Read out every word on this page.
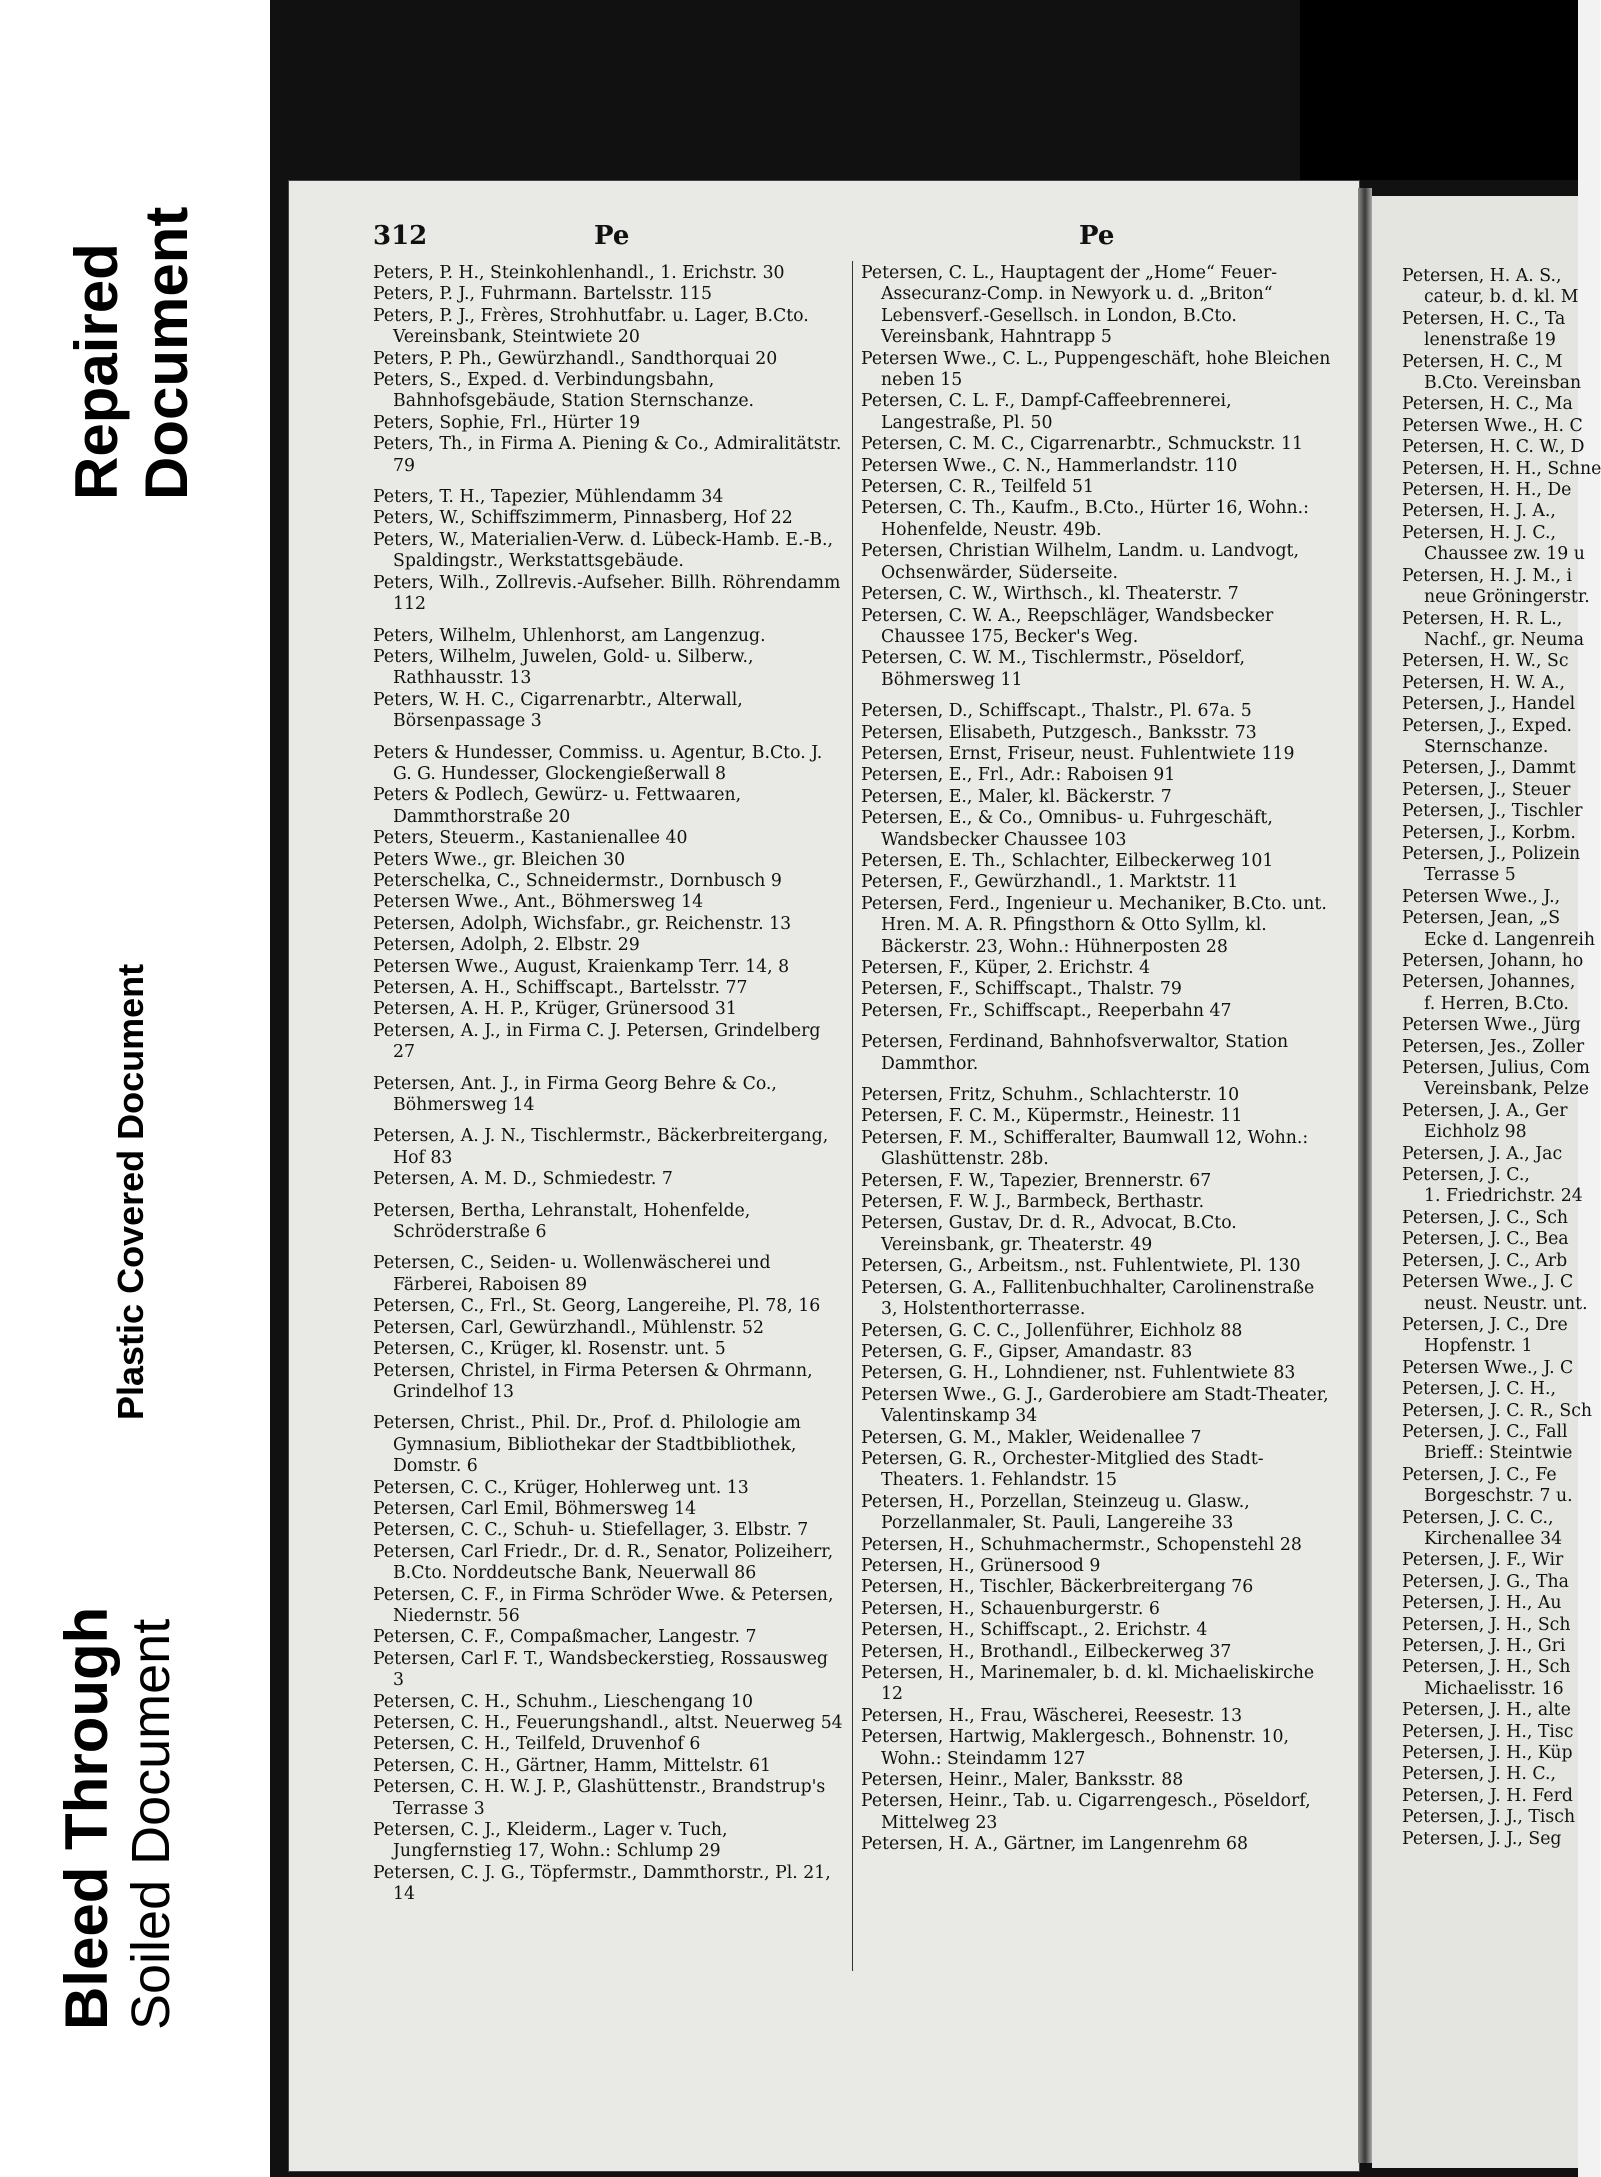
Repaired Document
Plastic Covered Document
Bleed Through Soiled Document
312	Pe	Pe
Peters, P. H., Steinkohlenhandl., 1. Erichstr. 30
Peters, P. J., Fuhrmann. Bartelsstr. 115
Peters, P. J., Frères, Strohhutfabr. u. Lager, B.Cto. Vereinsbank, Steintwiete 20
Peters, P. Ph., Gewürzhandl., Sandthorquai 20
Peters, S., Exped. d. Verbindungsbahn, Bahnhofsgebäude, Station Sternschanze.
Peters, Sophie, Frl., Hürter 19
Peters, Th., in Firma A. Piening & Co., Admiralitätstr. 79
Peters, T. H., Tapezier, Mühlendamm 34
Peters, W., Schiffszimmerm, Pinnasberg, Hof 22
Peters, W., Materialien-Verw. d. Lübeck-Hamb. E.-B., Spaldingstr., Werkstattsgebäude.
Peters, Wilh., Zollrevis.-Aufseher. Billh. Röhrendamm 112
Peters, Wilhelm, Uhlenhorst, am Langenzug.
Peters, Wilhelm, Juwelen, Gold- u. Silberw., Rathhausstr. 13
Peters, W. H. C., Cigarrenarbtr., Alterwall, Börsenpassage 3
Peters & Hundesser, Commiss. u. Agentur, B.Cto. J. G. G. Hundesser, Glockengießerwall 8
Peters & Podlech, Gewürz- u. Fettwaaren, Dammthorstraße 20
Peters, Steuerm., Kastanienallee 40
Peters Wwe., gr. Bleichen 30
Peterschelka, C., Schneidermstr., Dornbusch 9
Petersen Wwe., Ant., Böhmersweg 14
Petersen, Adolph, Wichsfabr., gr. Reichenstr. 13
Petersen, Adolph, 2. Elbstr. 29
Petersen Wwe., August, Kraienkamp Terr. 14, 8
Petersen, A. H., Schiffscapt., Bartelsstr. 77
Petersen, A. H. P., Krüger, Grünersood 31
Petersen, A. J., in Firma C. J. Petersen, Grindelberg 27
Petersen, Ant. J., in Firma Georg Behre & Co., Böhmersweg 14
Petersen, A. J. N., Tischlermstr., Bäckerbreitergang, Hof 83
Petersen, A. M. D., Schmiedestr. 7
Petersen, Bertha, Lehranstalt, Hohenfelde, Schröderstraße 6
Petersen, C., Seiden- u. Wollenwäscherei und Färberei, Raboisen 89
Petersen, C., Frl., St. Georg, Langereihe, Pl. 78, 16
Petersen, Carl, Gewürzhandl., Mühlenstr. 52
Petersen, C., Krüger, kl. Rosenstr. unt. 5
Petersen, Christel, in Firma Petersen & Ohrmann, Grindelhof 13
Petersen, Christ., Phil. Dr., Prof. d. Philologie am Gymnasium, Bibliothekar der Stadtbibliothek, Domstr. 6
Petersen, C. C., Krüger, Hohlerweg unt. 13
Petersen, Carl Emil, Böhmersweg 14
Petersen, C. C., Schuh- u. Stiefellager, 3. Elbstr. 7
Petersen, Carl Friedr., Dr. d. R., Senator, Polizeiherr, B.Cto. Norddeutsche Bank, Neuerwall 86
Petersen, C. F., in Firma Schröder Wwe. & Petersen, Niedernstr. 56
Petersen, C. F., Compaßmacher, Langestr. 7
Petersen, Carl F. T., Wandsbeckerstieg, Rossausweg 3
Petersen, C. H., Schuhm., Lieschengang 10
Petersen, C. H., Feuerungshandl., altst. Neuerweg 54
Petersen, C. H., Teilfeld, Druvenhof 6
Petersen, C. H., Gärtner, Hamm, Mittelstr. 61
Petersen, C. H. W. J. P., Glashüttenstr., Brandstrup's Terrasse 3
Petersen, C. J., Kleiderm., Lager v. Tuch, Jungfernstieg 17, Wohn.: Schlump 29
Petersen, C. J. G., Töpfermstr., Dammthorstr., Pl. 21, 14
Petersen, C. L., Hauptagent der „Home“ Feuer-Assecuranz-Comp. in Newyork u. d. „Briton“ Lebensverf.-Gesellsch. in London, B.Cto. Vereinsbank, Hahntrapp 5
Petersen Wwe., C. L., Puppengeschäft, hohe Bleichen neben 15
Petersen, C. L. F., Dampf-Caffeebrennerei, Langestraße, Pl. 50
Petersen, C. M. C., Cigarrenarbtr., Schmuckstr. 11
Petersen Wwe., C. N., Hammerlandstr. 110
Petersen, C. R., Teilfeld 51
Petersen, C. Th., Kaufm., B.Cto., Hürter 16, Wohn.: Hohenfelde, Neustr. 49b.
Petersen, Christian Wilhelm, Landm. u. Landvogt, Ochsenwärder, Süderseite.
Petersen, C. W., Wirthsch., kl. Theaterstr. 7
Petersen, C. W. A., Reepschläger, Wandsbecker Chaussee 175, Becker's Weg.
Petersen, C. W. M., Tischlermstr., Pöseldorf, Böhmersweg 11
Petersen, D., Schiffscapt., Thalstr., Pl. 67a. 5
Petersen, Elisabeth, Putzgesch., Banksstr. 73
Petersen, Ernst, Friseur, neust. Fuhlentwiete 119
Petersen, E., Frl., Adr.: Raboisen 91
Petersen, E., Maler, kl. Bäckerstr. 7
Petersen, E., & Co., Omnibus- u. Fuhrgeschäft, Wandsbecker Chaussee 103
Petersen, E. Th., Schlachter, Eilbeckerweg 101
Petersen, F., Gewürzhandl., 1. Marktstr. 11
Petersen, Ferd., Ingenieur u. Mechaniker, B.Cto. unt. Hren. M. A. R. Pfingsthorn & Otto Syllm, kl. Bäckerstr. 23, Wohn.: Hühnerposten 28
Petersen, F., Küper, 2. Erichstr. 4
Petersen, F., Schiffscapt., Thalstr. 79
Petersen, Fr., Schiffscapt., Reeperbahn 47
Petersen, Ferdinand, Bahnhofsverwaltor, Station Dammthor.
Petersen, Fritz, Schuhm., Schlachterstr. 10
Petersen, F. C. M., Küpermstr., Heinestr. 11
Petersen, F. M., Schifferalter, Baumwall 12, Wohn.: Glashüttenstr. 28b.
Petersen, F. W., Tapezier, Brennerstr. 67
Petersen, F. W. J., Barmbeck, Berthastr.
Petersen, Gustav, Dr. d. R., Advocat, B.Cto. Vereinsbank, gr. Theaterstr. 49
Petersen, G., Arbeitsm., nst. Fuhlentwiete, Pl. 130
Petersen, G. A., Fallitenbuchhalter, Carolinenstraße 3, Holstenthorterrasse.
Petersen, G. C. C., Jollenführer, Eichholz 88
Petersen, G. F., Gipser, Amandastr. 83
Petersen, G. H., Lohndiener, nst. Fuhlentwiete 83
Petersen Wwe., G. J., Garderobiere am Stadt-Theater, Valentinskamp 34
Petersen, G. M., Makler, Weidenallee 7
Petersen, G. R., Orchester-Mitglied des Stadt-Theaters. 1. Fehlandstr. 15
Petersen, H., Porzellan, Steinzeug u. Glasw., Porzellanmaler, St. Pauli, Langereihe 33
Petersen, H., Schuhmachermstr., Schopenstehl 28
Petersen, H., Grünersood 9
Petersen, H., Tischler, Bäckerbreitergang 76
Petersen, H., Schauenburgerstr. 6
Petersen, H., Schiffscapt., 2. Erichstr. 4
Petersen, H., Brothandl., Eilbeckerweg 37
Petersen, H., Marinemaler, b. d. kl. Michaeliskirche 12
Petersen, H., Frau, Wäscherei, Reesestr. 13
Petersen, Hartwig, Maklergesch., Bohnenstr. 10, Wohn.: Steindamm 127
Petersen, Heinr., Maler, Banksstr. 88
Petersen, Heinr., Tab. u. Cigarrengesch., Pöseldorf, Mittelweg 23
Petersen, H. A., Gärtner, im Langenrehm 68
Petersen, H. A. S.,
cateur, b. d. kl. M
Petersen, H. C., Ta
lenenstraße 19
Petersen, H. C., M
B.Cto. Vereinsban
Petersen, H. C., Ma
Petersen Wwe., H. C
Petersen, H. C. W., D
Petersen, H. H., Schne
Petersen, H. H., De
Petersen, H. J. A.,
Petersen, H. J. C.,
Chaussee zw. 19 u
Petersen, H. J. M., i
neue Gröningerstr.
Petersen, H. R. L.,
Nachf., gr. Neuma
Petersen, H. W., Sc
Petersen, H. W. A.,
Petersen, J., Handel
Petersen, J., Exped.
Sternschanze.
Petersen, J., Dammt
Petersen, J., Steuer
Petersen, J., Tischler
Petersen, J., Korbm.
Petersen, J., Polizein
Terrasse 5
Petersen Wwe., J.,
Petersen, Jean, „S
Ecke d. Langenreih
Petersen, Johann, ho
Petersen, Johannes,
f. Herren, B.Cto.
Petersen Wwe., Jürg
Petersen, Jes., Zoller
Petersen, Julius, Com
Vereinsbank, Pelze
Petersen, J. A., Ger
Eichholz 98
Petersen, J. A., Jac
Petersen, J. C.,
1. Friedrichstr. 24
Petersen, J. C., Sch
Petersen, J. C., Bea
Petersen, J. C., Arb
Petersen Wwe., J. C
neust. Neustr. unt.
Petersen, J. C., Dre
Hopfenstr. 1
Petersen Wwe., J. C
Petersen, J. C. H.,
Petersen, J. C. R., Sch
Petersen, J. C., Fall
Brieff.: Steintwie
Petersen, J. C., Fe
Borgeschstr. 7 u.
Petersen, J. C. C.,
Kirchenallee 34
Petersen, J. F., Wir
Petersen, J. G., Tha
Petersen, J. H., Au
Petersen, J. H., Sch
Petersen, J. H., Gri
Petersen, J. H., Sch
Michaelisstr. 16
Petersen, J. H., alte
Petersen, J. H., Tisc
Petersen, J. H., Küp
Petersen, J. H. C.,
Petersen, J. H. Ferd
Petersen, J. J., Tisch
Petersen, J. J., Seg
